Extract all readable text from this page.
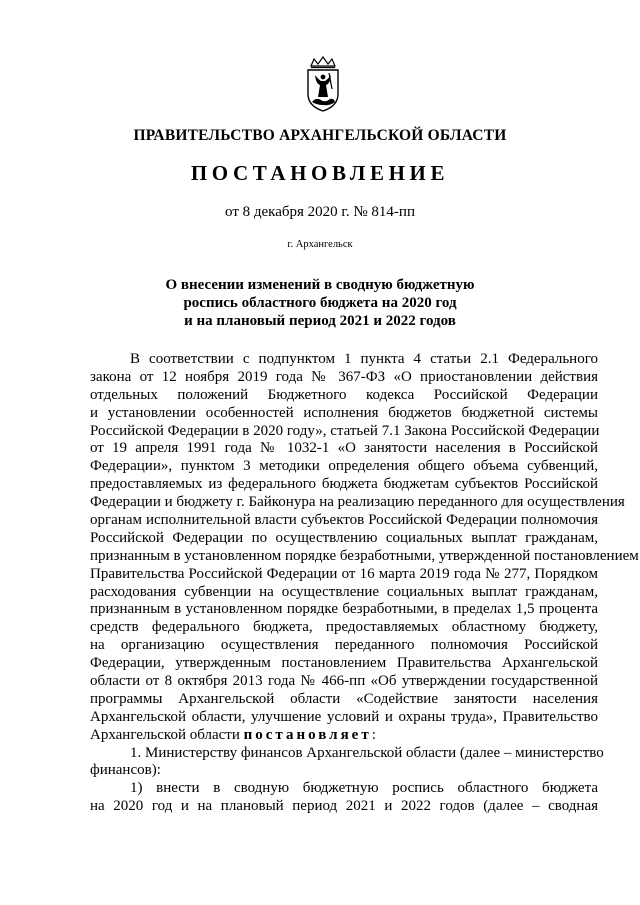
ПРАВИТЕЛЬСТВО АРХАНГЕЛЬСКОЙ ОБЛАСТИ
ПОСТАНОВЛЕНИЕ
от 8 декабря 2020 г. № 814-пп
г. Архангельск
О внесении изменений в сводную бюджетную
роспись областного бюджета на 2020 год
и на плановый период 2021 и 2022 годов
В соответствии с подпунктом 1 пункта 4 статьи 2.1 Федерального
закона от 12 ноября 2019 года № 367-ФЗ «О приостановлении действия
отдельных положений Бюджетного кодекса Российской Федерации
и установлении особенностей исполнения бюджетов бюджетной системы
Российской Федерации в 2020 году», статьей 7.1 Закона Российской Федерации
от 19 апреля 1991 года № 1032-1 «О занятости населения в Российской
Федерации», пунктом 3 методики определения общего объема субвенций,
предоставляемых из федерального бюджета бюджетам субъектов Российской
Федерации и бюджету г. Байконура на реализацию переданного для осуществления
органам исполнительной власти субъектов Российской Федерации полномочия
Российской Федерации по осуществлению социальных выплат гражданам,
признанным в установленном порядке безработными, утвержденной постановлением
Правительства Российской Федерации от 16 марта 2019 года № 277, Порядком
расходования субвенции на осуществление социальных выплат гражданам,
признанным в установленном порядке безработными, в пределах 1,5 процента
средств федерального бюджета, предоставляемых областному бюджету,
на организацию осуществления переданного полномочия Российской
Федерации, утвержденным постановлением Правительства Архангельской
области от 8 октября 2013 года № 466-пп «Об утверждении государственной
программы Архангельской области «Содействие занятости населения
Архангельской области, улучшение условий и охраны труда», Правительство
Архангельской области постановляет:
1. Министерству финансов Архангельской области (далее – министерство
финансов):
1) внести в сводную бюджетную роспись областного бюджета
на 2020 год и на плановый период 2021 и 2022 годов (далее – сводная
